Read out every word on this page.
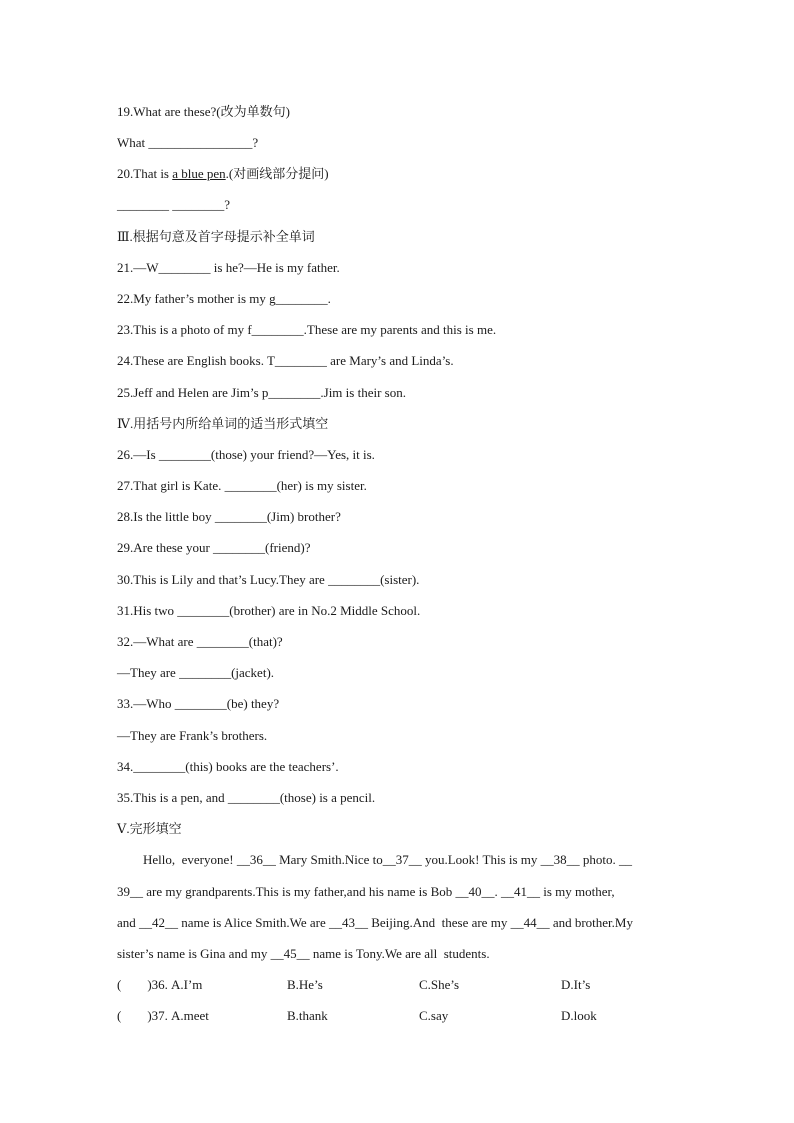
19.What are these?(改为单数句)
What ________________?
20.That is a blue pen.(对画线部分提问)
________ ________?
Ⅲ.根据句意及首字母提示补全单词
21.—W________ is he?—He is my father.
22.My father’s mother is my g________.
23.This is a photo of my f________.These are my parents and this is me.
24.These are English books. T________ are Mary’s and Linda’s.
25.Jeff and Helen are Jim’s p________.Jim is their son.
Ⅳ.用括号内所给单词的适当形式填空
26.—Is ________(those) your friend?—Yes, it is.
27.That girl is Kate. ________(her) is my sister.
28.Is the little boy ________(Jim) brother?
29.Are these your ________(friend)?
30.This is Lily and that’s Lucy.They are ________(sister).
31.His two ________(brother) are in No.2 Middle School.
32.—What are ________(that)?
—They are ________(jacket).
33.—Who ________(be) they?
—They are Frank’s brothers.
34.________(this) books are the teachers’.
35.This is a pen, and ________(those) is a pencil.
Ⅴ.完形填空
Hello,  everyone! __36__ Mary Smith.Nice to__37__ you.Look! This is my __38__ photo. __
39__ are my grandparents.This is my father,and his name is Bob __40__. __41__ is my mother,
and __42__ name is Alice Smith.We are __43__ Beijing.And  these are my __44__ and brother.My
sister’s name is Gina and my __45__ name is Tony.We are all  students.
(        )36. A.I’m	B.He’s	C.She’s	D.It’s
(        )37. A.meet	B.thank	C.say	D.look
